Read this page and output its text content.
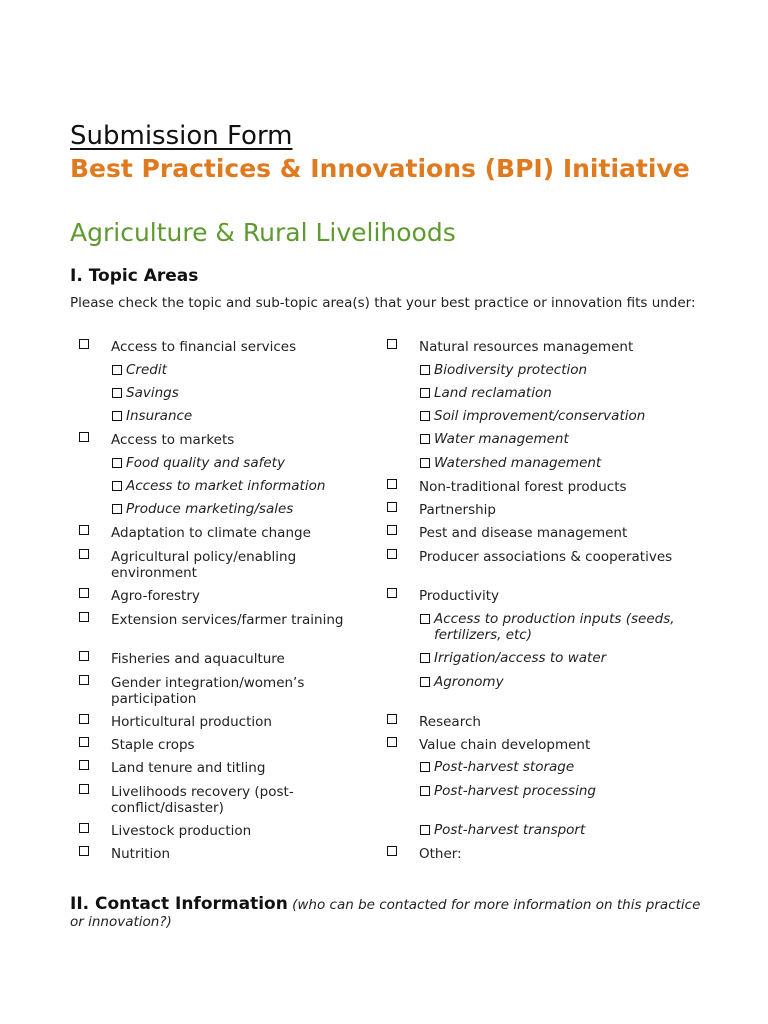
Submission Form
Best Practices & Innovations (BPI) Initiative
Agriculture & Rural Livelihoods
I. Topic Areas
Please check the topic and sub-topic area(s) that your best practice or innovation fits under:
Access to financial services
Credit
Savings
Insurance
Access to markets
Food quality and safety
Access to market information
Produce marketing/sales
Adaptation to climate change
Agricultural policy/enabling environment
Agro-forestry
Extension services/farmer training
Fisheries and aquaculture
Gender integration/women’s participation
Horticultural production
Staple crops
Land tenure and titling
Livelihoods recovery (post-conflict/disaster)
Livestock production
Nutrition
Natural resources management
Biodiversity protection
Land reclamation
Soil improvement/conservation
Water management
Watershed management
Non-traditional forest products
Partnership
Pest and disease management
Producer associations & cooperatives
Productivity
Access to production inputs (seeds, fertilizers, etc)
Irrigation/access to water
Agronomy
Research
Value chain development
Post-harvest storage
Post-harvest processing
Post-harvest transport
Other:
II. Contact Information (who can be contacted for more information on this practice or innovation?)
